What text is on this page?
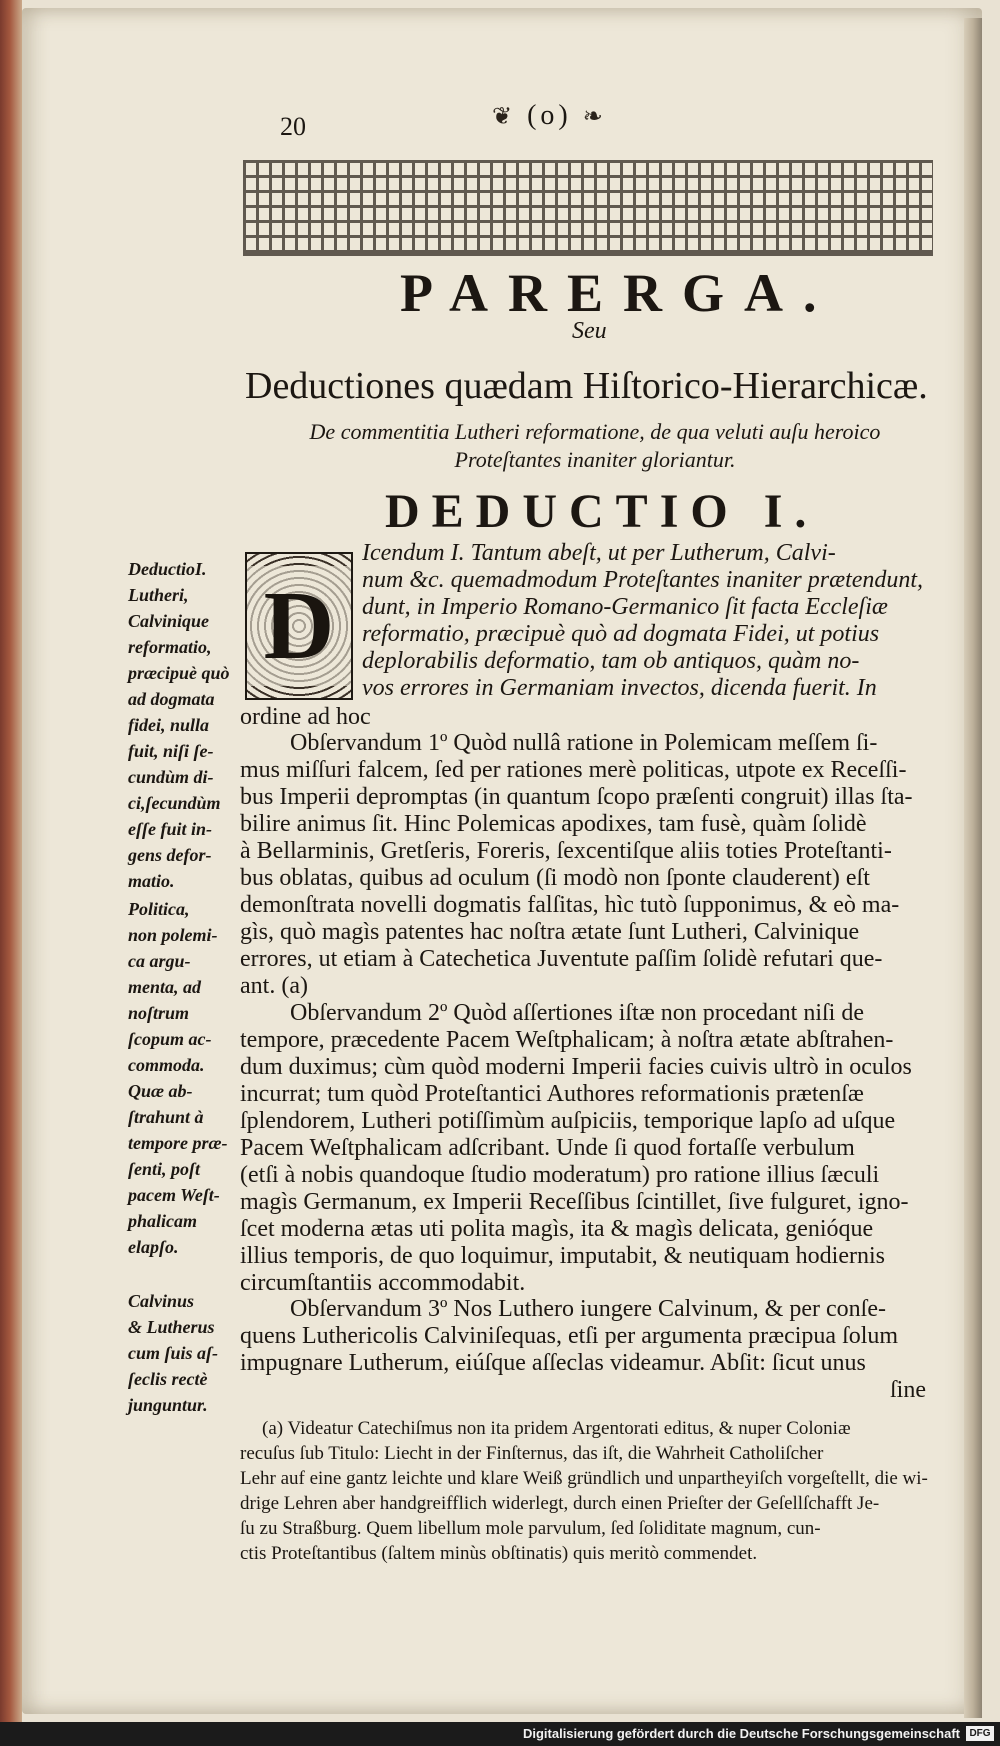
20	❦ (o) ❧
PARERGA.
Seu
Deductiones quædam Hiſtorico-Hierarchicæ.
De commentitia Lutheri reformatione, de qua veluti auſu heroico
Proteſtantes inaniter gloriantur.
DEDUCTIO I.
D
Icendum I. Tantum abeſt, ut per Lutherum, Calvi-
num &c. quemadmodum Proteſtantes inaniter prætendunt,
dunt, in Imperio Romano-Germanico ſit facta Eccleſiæ
reformatio, præcipuè quò ad dogmata Fidei, ut potius
deplorabilis deformatio, tam ob antiquos, quàm no-
vos errores in Germaniam invectos, dicenda fuerit. In
ordine ad hoc
Obſervandum 1º Quòd nullâ ratione in Polemicam meſſem ſi-
mus miſſuri falcem, ſed per rationes merè politicas, utpote ex Receſſi-
bus Imperii depromptas (in quantum ſcopo præſenti congruit) illas ſta-
bilire animus ſit. Hinc Polemicas apodixes, tam fusè, quàm ſolidè
à Bellarminis, Gretſeris, Foreris, ſexcentiſque aliis toties Proteſtanti-
bus oblatas, quibus ad oculum (ſi modò non ſponte clauderent) eſt
demonſtrata novelli dogmatis falſitas, hìc tutò ſupponimus, & eò ma-
gìs, quò magìs patentes hac noſtra ætate ſunt Lutheri, Calvinique
errores, ut etiam à Catechetica Juventute paſſim ſolidè refutari que-
ant. (a)
Obſervandum 2º Quòd aſſertiones iſtæ non procedant niſi de
tempore, præcedente Pacem Weſtphalicam; à noſtra ætate abſtrahen-
dum duximus; cùm quòd moderni Imperii facies cuivis ultrò in oculos
incurrat; tum quòd Proteſtantici Authores reformationis prætenſæ
ſplendorem, Lutheri potiſſimùm auſpiciis, temporique lapſo ad uſque
Pacem Weſtphalicam adſcribant. Unde ſi quod fortaſſe verbulum
(etſi à nobis quandoque ſtudio moderatum) pro ratione illius ſæculi
magìs Germanum, ex Imperii Receſſibus ſcintillet, ſive fulguret, igno-
ſcet moderna ætas uti polita magìs, ita & magìs delicata, genióque
illius temporis, de quo loquimur, imputabit, & neutiquam hodiernis
circumſtantiis accommodabit.
Obſervandum 3º Nos Luthero iungere Calvinum, & per conſe-
quens Luthericolis Calviniſequas, etſi per argumenta præcipua ſolum
impugnare Lutherum, eiúſque aſſeclas videamur. Abſit: ſicut unus
ſine
DeductioI.
Lutheri,
Calvinique
reformatio,
præcipuè quò
ad dogmata
fidei, nulla
fuit, niſi ſe-
cundùm di-
ci,ſecundùm
eſſe fuit in-
gens defor-
matio.
Politica,
non polemi-
ca argu-
menta, ad
noſtrum
ſcopum ac-
commoda.
Quæ ab-
ſtrahunt à
tempore præ-
ſenti, poſt
pacem Weſt-
phalicam
elapſo.
Calvinus
& Lutherus
cum ſuis aſ-
ſeclis rectè
junguntur.
(a) Videatur Catechiſmus non ita pridem Argentorati editus, & nuper Coloniæ
recuſus ſub Titulo: Liecht in der Finſternus, das iſt, die Wahrheit Catholiſcher
Lehr auf eine gantz leichte und klare Weiß gründlich und unpartheyiſch vorgeſtellt, die wi-
drige Lehren aber handgreifflich widerlegt, durch einen Prieſter der Geſellſchafft Je-
ſu zu Straßburg. Quem libellum mole parvulum, ſed ſoliditate magnum, cun-
ctis Proteſtantibus (ſaltem minùs obſtinatis) quis meritò commendet.
Digitalisierung gefördert durch die Deutsche Forschungsgemeinschaft DFG
